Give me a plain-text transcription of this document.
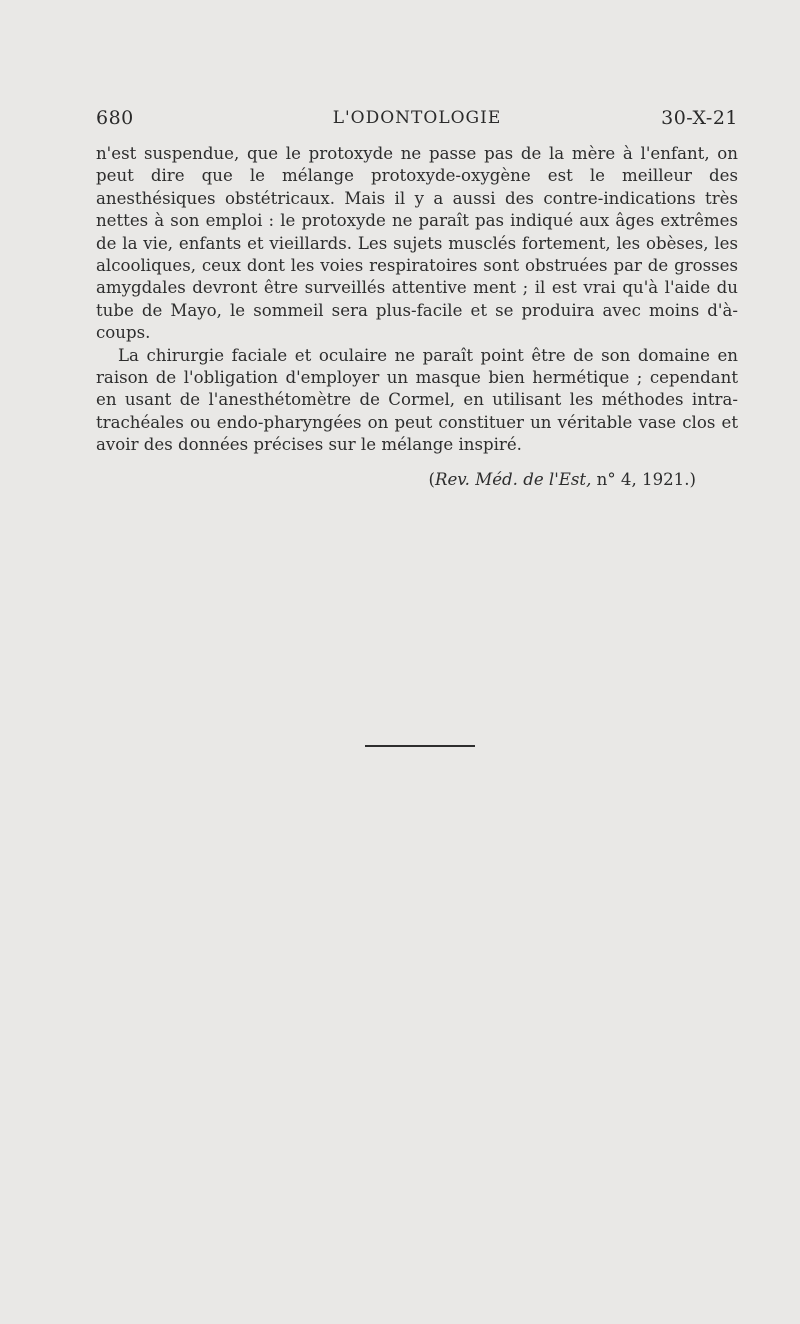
680	L'ODONTOLOGIE	30-X-21

n'est suspendue, que le protoxyde ne passe pas de la mère à l'enfant, on peut dire que le mélange protoxyde-oxygène est le meilleur des anesthésiques obstétricaux. Mais il y a aussi des contre-indications très nettes à son emploi : le protoxyde ne paraît pas indiqué aux âges extrêmes de la vie, enfants et vieillards. Les sujets musclés fortement, les obèses, les alcooliques, ceux dont les voies respiratoires sont obstruées par de grosses amygdales devront être surveillés attentive ment ; il est vrai qu'à l'aide du tube de Mayo, le sommeil sera plus-facile et se produira avec moins d'à-coups.

La chirurgie faciale et oculaire ne paraît point être de son domaine en raison de l'obligation d'employer un masque bien hermétique ; cependant en usant de l'anesthétomètre de Cormel, en utilisant les méthodes intra-trachéales ou endo-pharyngées on peut constituer un véritable vase clos et avoir des données précises sur le mélange inspiré.

(Rev. Méd. de l'Est, n° 4, 1921.)
